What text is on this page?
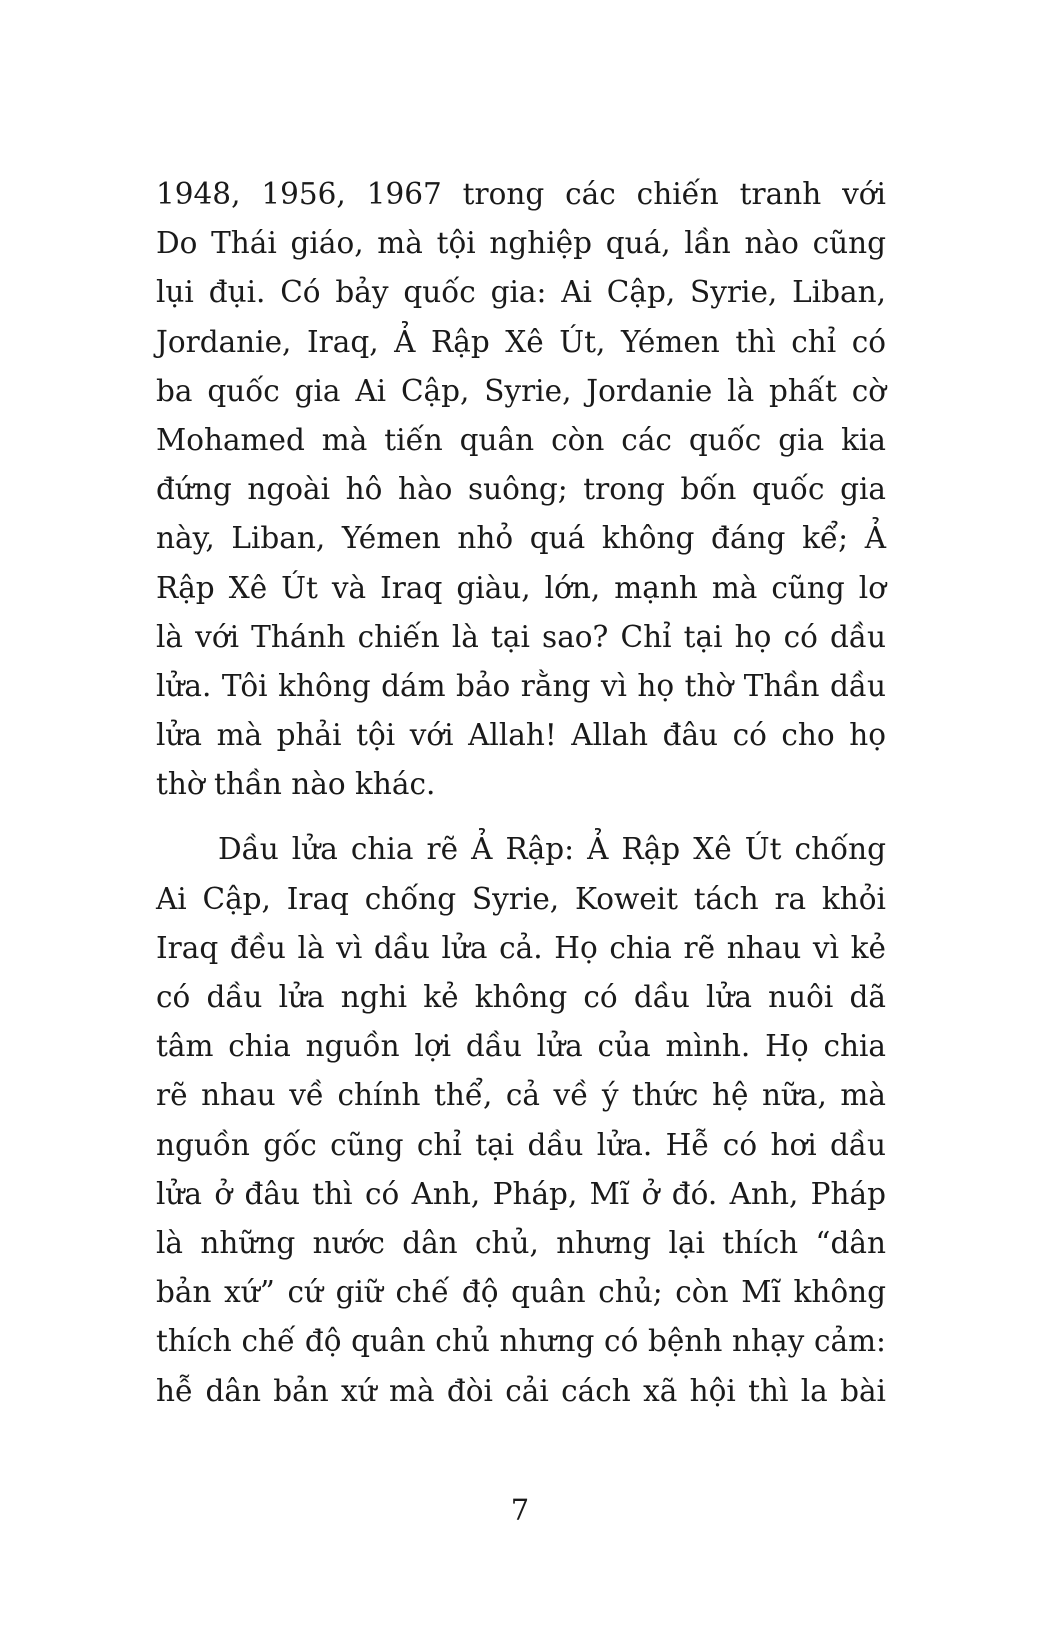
1948, 1956, 1967 trong các chiến tranh với
Do Thái giáo, mà tội nghiệp quá, lần nào cũng
lụi đụi. Có bảy quốc gia: Ai Cập, Syrie, Liban,
Jordanie, Iraq, Ả Rập Xê Út, Yémen thì chỉ có
ba quốc gia Ai Cập, Syrie, Jordanie là phất cờ
Mohamed mà tiến quân còn các quốc gia kia
đứng ngoài hô hào suông; trong bốn quốc gia
này, Liban, Yémen nhỏ quá không đáng kể; Ả
Rập Xê Út và Iraq giàu, lớn, mạnh mà cũng lơ
là với Thánh chiến là tại sao? Chỉ tại họ có dầu
lửa. Tôi không dám bảo rằng vì họ thờ Thần dầu
lửa mà phải tội với Allah! Allah đâu có cho họ
thờ thần nào khác.
Dầu lửa chia rẽ Ả Rập: Ả Rập Xê Út chống
Ai Cập, Iraq chống Syrie, Koweit tách ra khỏi
Iraq đều là vì dầu lửa cả. Họ chia rẽ nhau vì kẻ
có dầu lửa nghi kẻ không có dầu lửa nuôi dã
tâm chia nguồn lợi dầu lửa của mình. Họ chia
rẽ nhau về chính thể, cả về ý thức hệ nữa, mà
nguồn gốc cũng chỉ tại dầu lửa. Hễ có hơi dầu
lửa ở đâu thì có Anh, Pháp, Mĩ ở đó. Anh, Pháp
là những nước dân chủ, nhưng lại thích “dân
bản xứ” cứ giữ chế độ quân chủ; còn Mĩ không
thích chế độ quân chủ nhưng có bệnh nhạy cảm:
hễ dân bản xứ mà đòi cải cách xã hội thì la bài
7
